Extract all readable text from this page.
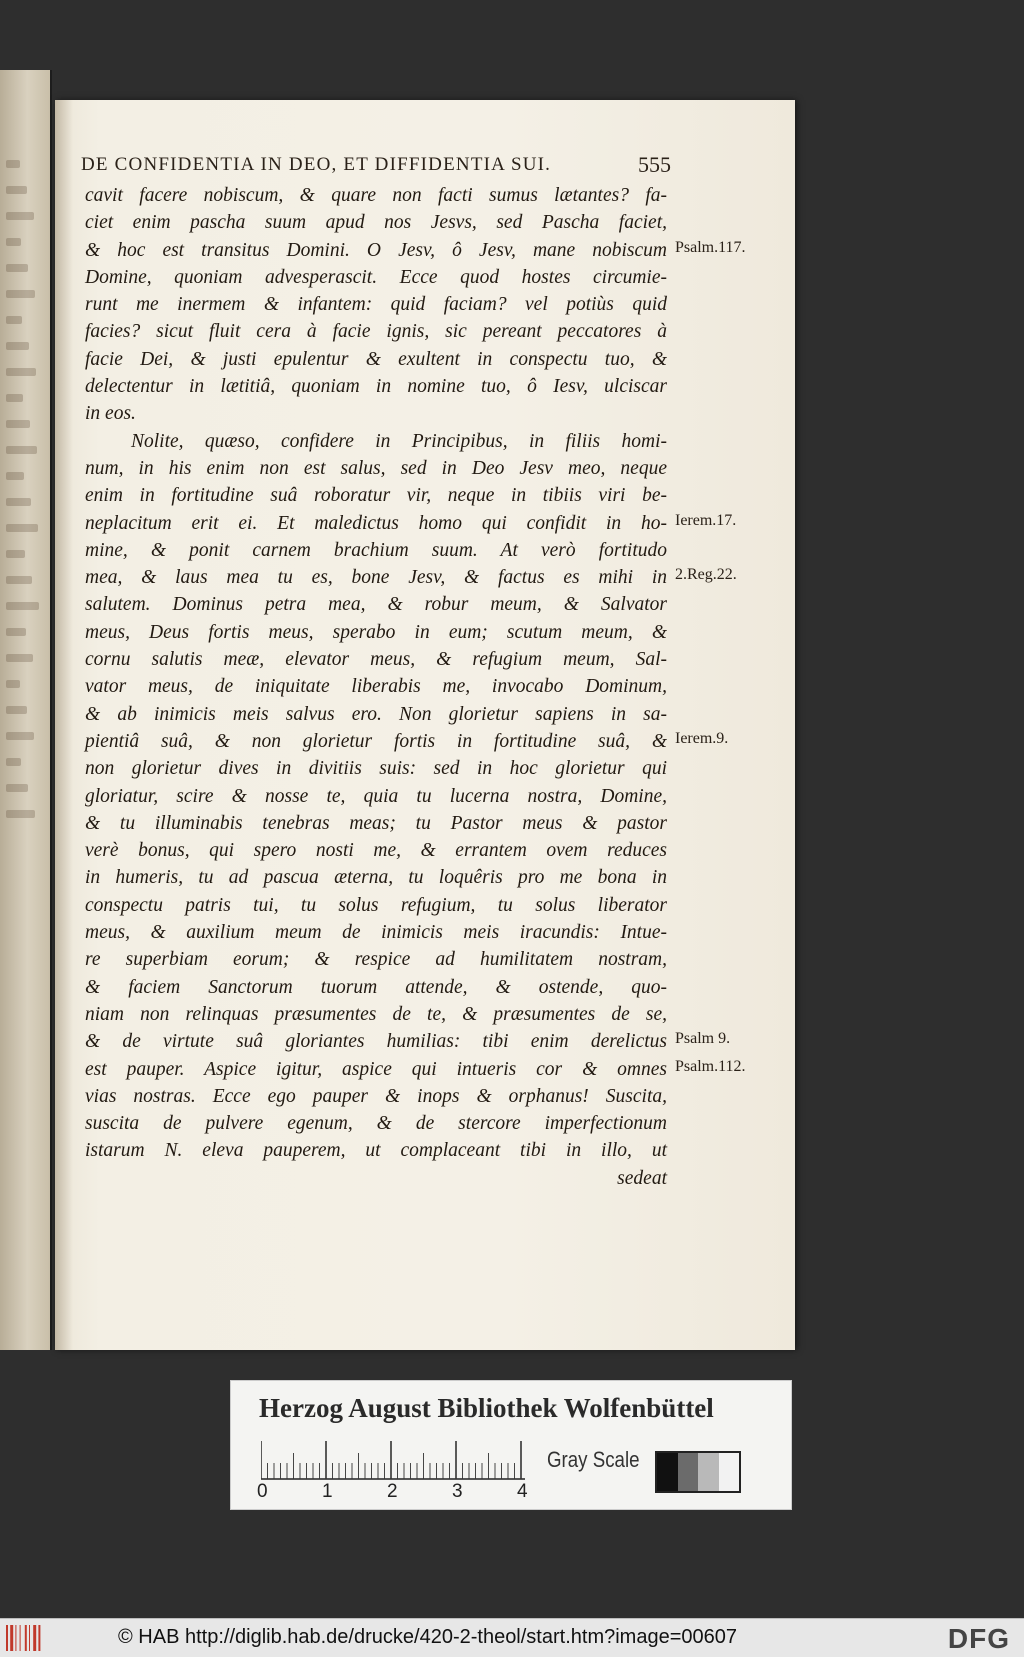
DE CONFIDENTIA IN DEO, ET DIFFIDENTIA SUI.	555
cavit facere nobiscum, & quare non facti sumus lætantes? fa-
ciet enim pascha suum apud nos Jesvs, sed Pascha faciet,
& hoc est transitus Domini. O Jesv, ô Jesv, mane nobiscum
Domine, quoniam advesperascit. Ecce quod hostes circumie-
runt me inermem & infantem: quid faciam? vel potiùs quid
facies? sicut fluit cera à facie ignis, sic pereant peccatores à
facie Dei, & justi epulentur & exultent in conspectu tuo, &
delectentur in lætitiâ, quoniam in nomine tuo, ô Iesv, ulciscar
in eos.
Nolite, quæso, confidere in Principibus, in filiis homi-
num, in his enim non est salus, sed in Deo Jesv meo, neque
enim in fortitudine suâ roboratur vir, neque in tibiis viri be-
neplacitum erit ei. Et maledictus homo qui confidit in ho-
mine, & ponit carnem brachium suum. At verò fortitudo
mea, & laus mea tu es, bone Jesv, & factus es mihi in
salutem. Dominus petra mea, & robur meum, & Salvator
meus, Deus fortis meus, sperabo in eum; scutum meum, &
cornu salutis meæ, elevator meus, & refugium meum, Sal-
vator meus, de iniquitate liberabis me, invocabo Dominum,
& ab inimicis meis salvus ero. Non glorietur sapiens in sa-
pientiâ suâ, & non glorietur fortis in fortitudine suâ, &
non glorietur dives in divitiis suis: sed in hoc glorietur qui
gloriatur, scire & nosse te, quia tu lucerna nostra, Domine,
& tu illuminabis tenebras meas; tu Pastor meus & pastor
verè bonus, qui spero nosti me, & errantem ovem reduces
in humeris, tu ad pascua æterna, tu loquêris pro me bona in
conspectu patris tui, tu solus refugium, tu solus liberator
meus, & auxilium meum de inimicis meis iracundis: Intue-
re superbiam eorum; & respice ad humilitatem nostram,
& faciem Sanctorum tuorum attende, & ostende, quo-
niam non relinquas præsumentes de te, & præsumentes de se,
& de virtute suâ gloriantes humilias: tibi enim derelictus
est pauper. Aspice igitur, aspice qui intueris cor & omnes
vias nostras. Ecce ego pauper & inops & orphanus! Suscita,
suscita de pulvere egenum, & de stercore imperfectionum
istarum N. eleva pauperem, ut complaceant tibi in illo, ut
sedeat
Psalm.117.
Ierem.17.
2.Reg.22.
Ierem.9.
Psalm 9.
Psalm.112.
Herzog August Bibliothek Wolfenbüttel
0	1	2	3	4
Gray Scale
© HAB http://diglib.hab.de/drucke/420-2-theol/start.htm?image=00607	DFG
